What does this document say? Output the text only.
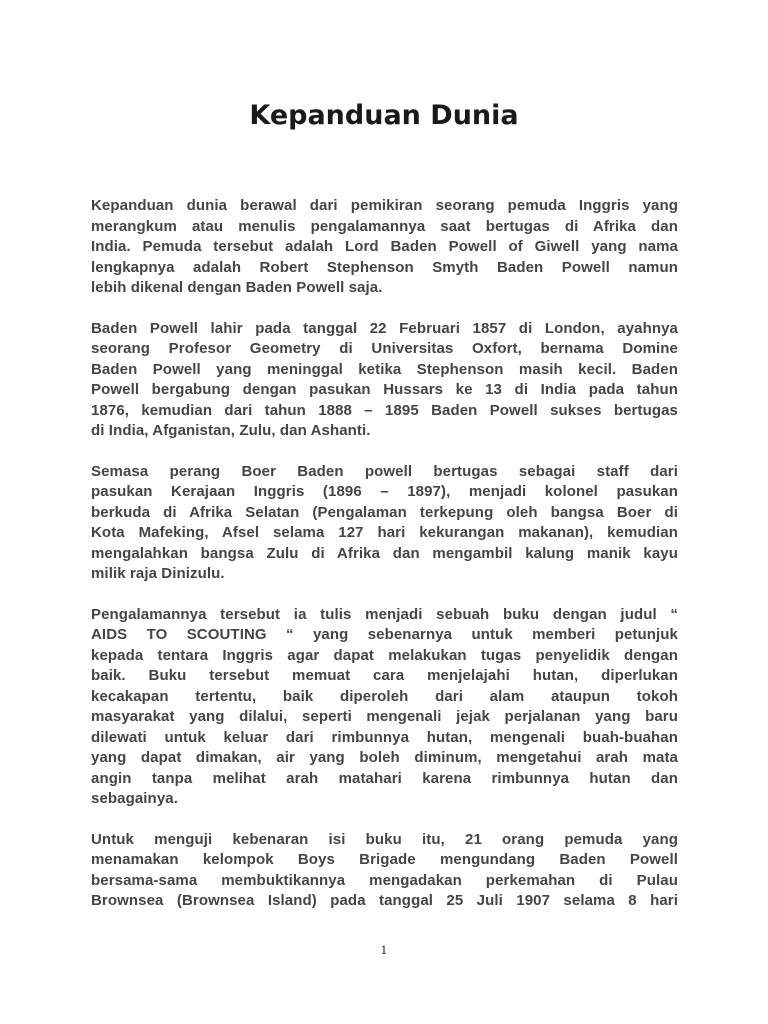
Kepanduan Dunia

Kepanduan dunia berawal dari pemikiran seorang pemuda Inggris yang
merangkum atau menulis pengalamannya saat bertugas di Afrika dan
India. Pemuda tersebut adalah Lord Baden Powell of Giwell yang nama
lengkapnya adalah Robert Stephenson Smyth Baden Powell namun
lebih dikenal dengan Baden Powell saja.

Baden Powell lahir pada tanggal 22 Februari 1857 di London, ayahnya
seorang Profesor Geometry di Universitas Oxfort, bernama Domine
Baden Powell yang meninggal ketika Stephenson masih kecil. Baden
Powell bergabung dengan pasukan Hussars ke 13 di India pada tahun
1876, kemudian dari tahun 1888 – 1895 Baden Powell sukses bertugas
di India, Afganistan, Zulu, dan Ashanti.

Semasa perang Boer Baden powell bertugas sebagai staff dari
pasukan Kerajaan Inggris (1896 – 1897), menjadi kolonel pasukan
berkuda di Afrika Selatan (Pengalaman terkepung oleh bangsa Boer di
Kota Mafeking, Afsel selama 127 hari kekurangan makanan), kemudian
mengalahkan bangsa Zulu di Afrika dan mengambil kalung manik kayu
milik raja Dinizulu.

Pengalamannya tersebut ia tulis menjadi sebuah buku dengan judul “
AIDS TO SCOUTING “ yang sebenarnya untuk memberi petunjuk
kepada tentara Inggris agar dapat melakukan tugas penyelidik dengan
baik. Buku tersebut memuat cara menjelajahi hutan, diperlukan
kecakapan tertentu, baik diperoleh dari alam ataupun tokoh
masyarakat yang dilalui, seperti mengenali jejak perjalanan yang baru
dilewati untuk keluar dari rimbunnya hutan, mengenali buah-buahan
yang dapat dimakan, air yang boleh diminum, mengetahui arah mata
angin tanpa melihat arah matahari karena rimbunnya hutan dan
sebagainya.

Untuk menguji kebenaran isi buku itu, 21 orang pemuda yang
menamakan kelompok Boys Brigade mengundang Baden Powell
bersama-sama membuktikannya mengadakan perkemahan di Pulau
Brownsea (Brownsea Island) pada tanggal 25 Juli 1907 selama 8 hari

1
